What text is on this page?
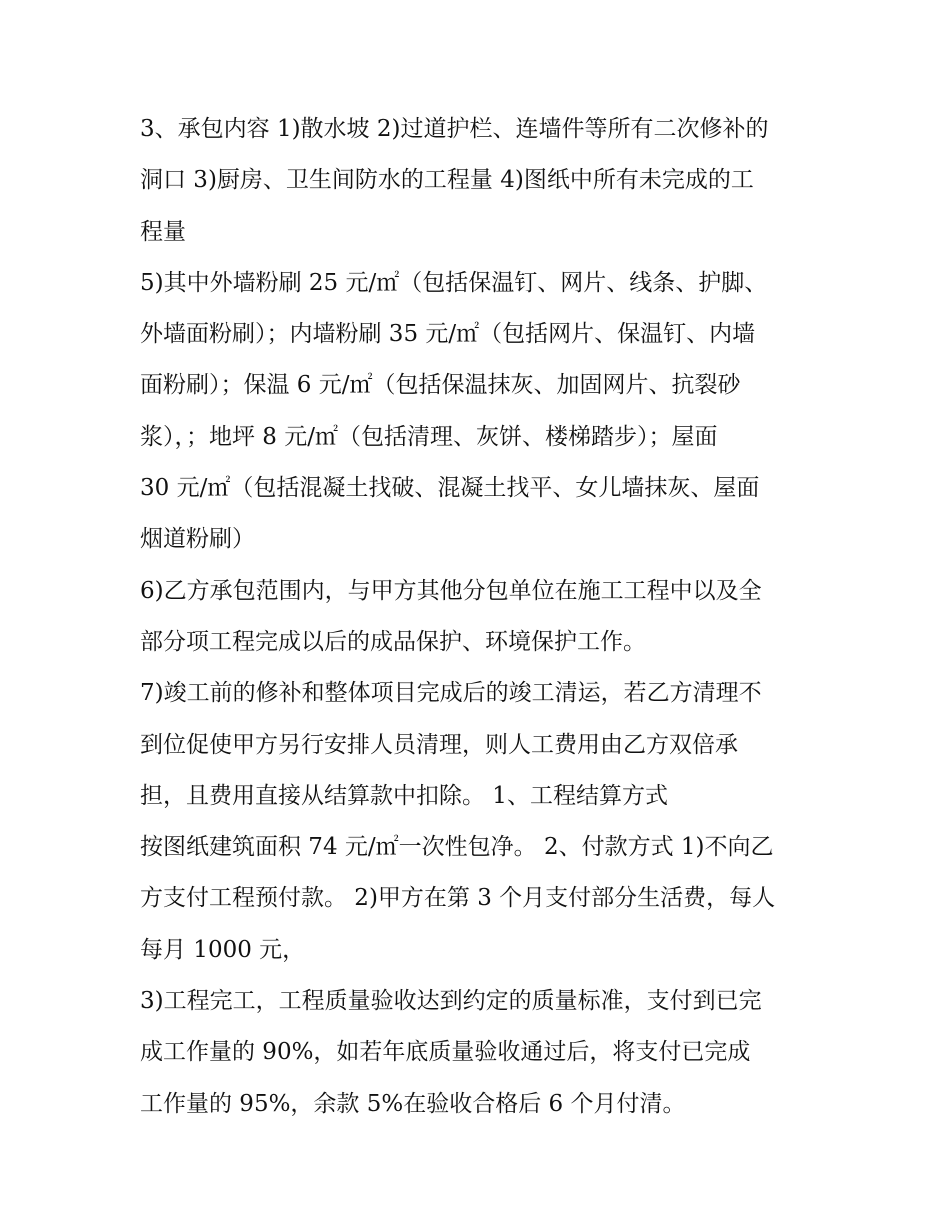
3、承包内容 1)散水坡 2)过道护栏、连墙件等所有二次修补的
洞口 3)厨房、卫生间防水的工程量 4)图纸中所有未完成的工
程量
5)其中外墙粉刷 25 元/㎡（包括保温钉、网片、线条、护脚、
外墙面粉刷）；内墙粉刷 35 元/㎡（包括网片、保温钉、内墙
面粉刷）；保温 6 元/㎡（包括保温抹灰、加固网片、抗裂砂
浆），；地坪 8 元/㎡（包括清理、灰饼、楼梯踏步）；屋面
30 元/㎡（包括混凝土找破、混凝土找平、女儿墙抹灰、屋面
烟道粉刷）
6)乙方承包范围内，与甲方其他分包单位在施工工程中以及全
部分项工程完成以后的成品保护、环境保护工作。
7)竣工前的修补和整体项目完成后的竣工清运，若乙方清理不
到位促使甲方另行安排人员清理，则人工费用由乙方双倍承
担，且费用直接从结算款中扣除。 1、工程结算方式
按图纸建筑面积 74 元/㎡一次性包净。 2、付款方式 1)不向乙
方支付工程预付款。 2)甲方在第 3 个月支付部分生活费，每人
每月 1000 元，
3)工程完工，工程质量验收达到约定的质量标准，支付到已完
成工作量的 90%，如若年底质量验收通过后，将支付已完成
工作量的 95%，余款 5%在验收合格后 6 个月付清。
